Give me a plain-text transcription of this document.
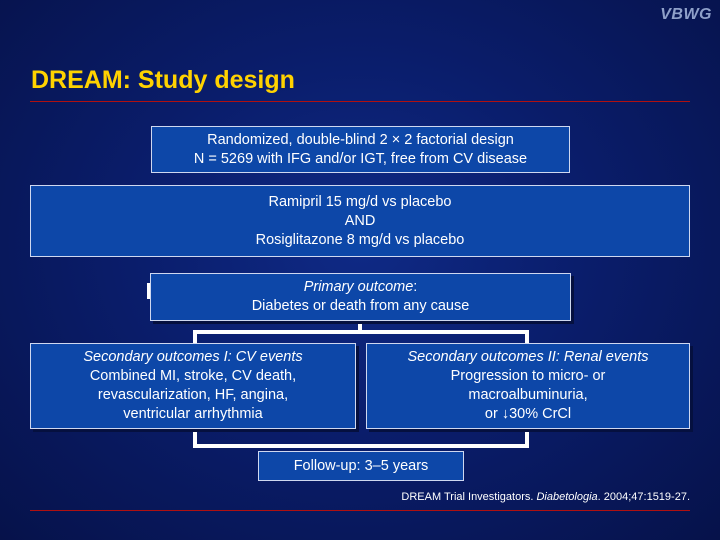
VBWG
DREAM: Study design
Randomized, double-blind 2 × 2 factorial design
N = 5269 with IFG and/or IGT, free from CV disease
Ramipril 15 mg/d vs placebo
AND
Rosiglitazone 8 mg/d vs placebo
Primary outcome:
Diabetes or death from any cause
Secondary outcomes I: CV events
Combined MI, stroke, CV death,
revascularization, HF, angina,
ventricular arrhythmia
Secondary outcomes II: Renal events
Progression to micro- or
macroalbuminuria,
or ↓30% CrCl
Follow-up: 3–5 years
DREAM Trial Investigators. Diabetologia. 2004;47:1519-27.
